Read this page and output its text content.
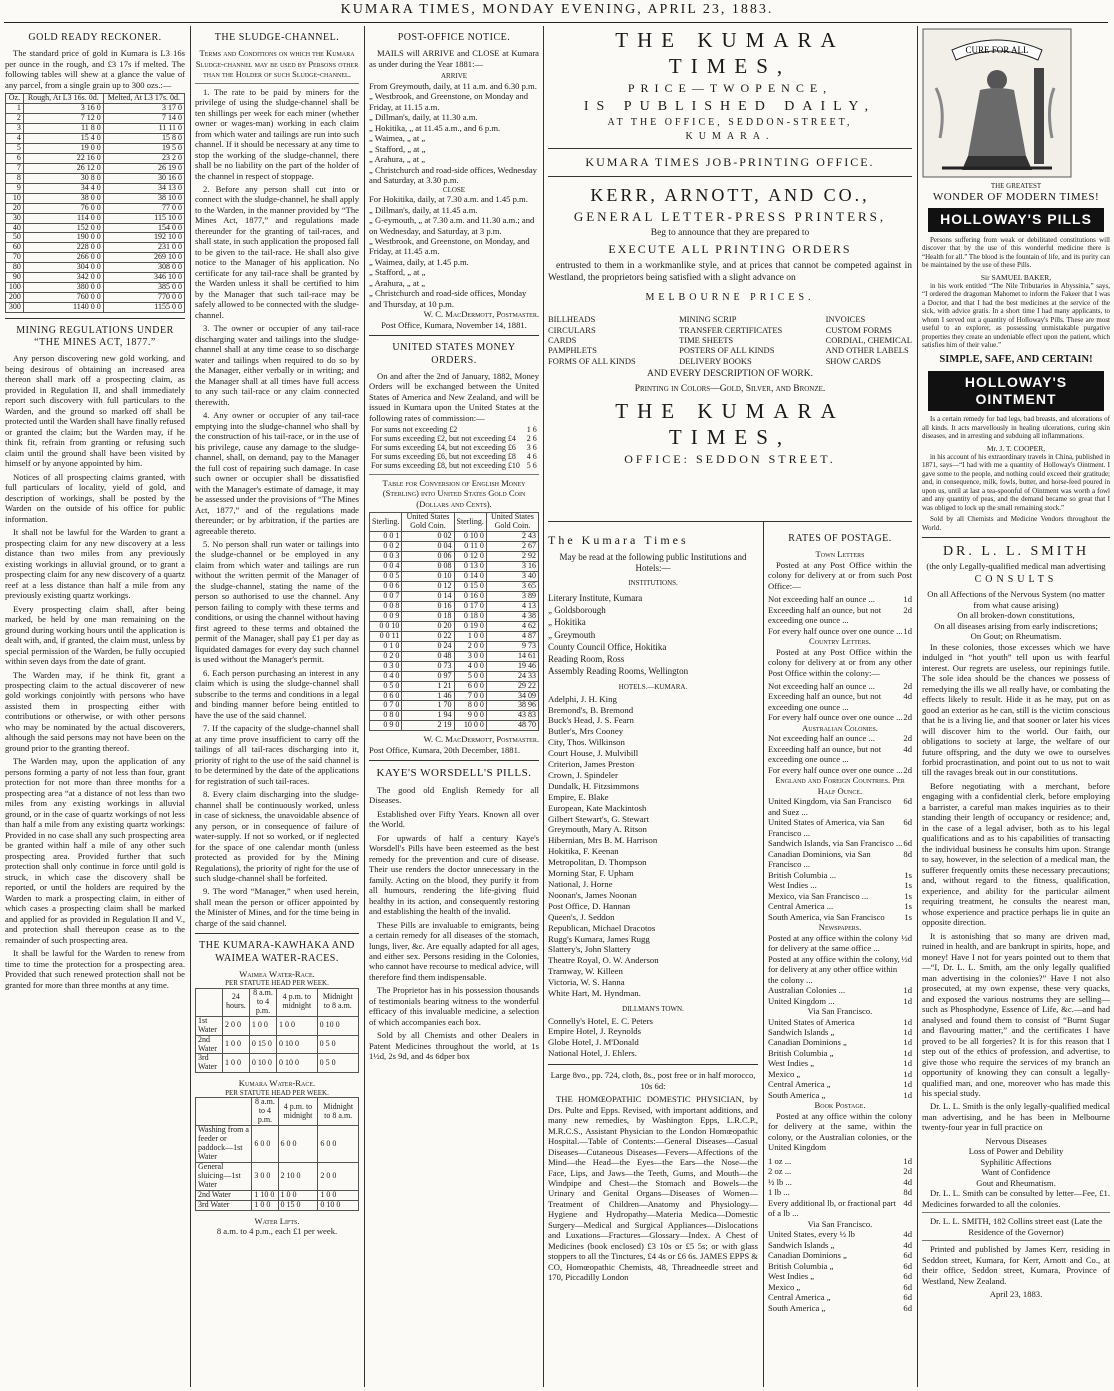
KUMARA TIMES, MONDAY EVENING, APRIL 23, 1883.
GOLD READY RECKONER.
The standard price of gold in Kumara is L3 16s per ounce in the rough, and £3 17s if melted. The following tables will shew at a glance the value of any parcel, from a single grain up to 300 ozs.:—
Oz.	Rough, At L3 16s. 0d.	Melted, At L3 17s. 0d.
1	3 16 0	3 17 0
2	7 12 0	7 14 0
3	11 8 0	11 11 0
4	15 4 0	15 8 0
5	19 0 0	19 5 0
6	22 16 0	23 2 0
7	26 12 0	26 19 0
8	30 8 0	30 16 0
9	34 4 0	34 13 0
10	38 0 0	38 10 0
20	76 0 0	77 0 0
30	114 0 0	115 10 0
40	152 0 0	154 0 0
50	190 0 0	192 10 0
60	228 0 0	231 0 0
70	266 0 0	269 10 0
80	304 0 0	308 0 0
90	342 0 0	346 10 0
100	380 0 0	385 0 0
200	760 0 0	770 0 0
300	1140 0 0	1155 0 0
MINING REGULATIONS UNDER “THE MINES ACT, 1877.”
Any person discovering new gold working, and being desirous of obtaining an increased area thereon shall mark off a prospecting claim, as provided in Regulation II, and shall immediately report such discovery with full particulars to the Warden, and the ground so marked off shall be protected until the Warden shall have finally refused or granted the claim; but the Warden may, if he think fit, refrain from granting or refusing such claim until the ground shall have been visited by himself or by anyone appointed by him.
Notices of all prospecting claims granted, with full particulars of locality, yield of gold, and description of workings, shall be posted by the Warden on the outside of his office for public information.
It shall not be lawful for the Warden to grant a prospecting claim for any new discovery at a less distance than two miles from any previously existing workings in alluvial ground, or to grant a prospecting claim for any new discovery of a quartz reef at a less distance than half a mile from any previously existing quartz workings.
Every prospecting claim shall, after being marked, be held by one man remaining on the ground during working hours until the application is dealt with, and, if granted, the claim must, unless by special permission of the Warden, be fully occupied within seven days from the date of grant.
The Warden may, if he think fit, grant a prospecting claim to the actual discoverer of new gold workings conjointly with persons who have assisted them in prospecting either with contributions or otherwise, or with other persons who may be nominated by the actual discoverers, although the said persons may not have been on the ground prior to the granting thereof.
The Warden may, upon the application of any persons forming a party of not less than four, grant protection for not more than three months for a prospecting area “at a distance of not less than two miles from any existing workings in alluvial ground, or in the case of quartz workings of not less than half a mile from any existing quartz workings: Provided in no case shall any such prospecting area be granted within half a mile of any other such prospecting area. Provided further that such protection shall only continue in force until gold is struck, in which case the discovery shall be reported, or until the holders are required by the Warden to mark a prospecting claim, in either of which cases a prospecting claim shall be marked and applied for as provided in Regulation II and V., and protection shall thereupon cease as to the remainder of such prospecting area.
It shall be lawful for the Warden to renew from time to time the protection for a prospecting area. Provided that such renewed protection shall not be granted for more than three months at any time.
THE SLUDGE-CHANNEL.
Terms and Conditions on which the Kumara Sludge-channel may be used by Persons other than the Holder of such Sludge-channel.
1. The rate to be paid by miners for the privilege of using the sludge-channel shall be ten shillings per week for each miner (whether owner or wages-man) working in each claim from which water and tailings are run into such channel. If it should be necessary at any time to stop the working of the sludge-channel, there shall be no liability on the part of the holder of the channel in respect of stoppage.
2. Before any person shall cut into or connect with the sludge-channel, he shall apply to the Warden, in the manner provided by “The Mines Act, 1877,” and regulations made thereunder for the granting of tail-races, and shall state, in such application the proposed fall to be given to the tail-race. He shall also give notice to the Manager of his application. No certificate for any tail-race shall be granted by the Warden unless it shall be certified to him by the Manager that such tail-race may be safely allowed to be connected with the sludge-channel.
3. The owner or occupier of any tail-race discharging water and tailings into the sludge-channel shall at any time cease to so discharge water and tailings when required to do so by the Manager, either verbally or in writing; and the Manager shall at all times have full access to any such tail-race or any claim connected therewith.
4. Any owner or occupier of any tail-race emptying into the sludge-channel who shall by the construction of his tail-race, or in the use of his privilege, cause any damage to the sludge-channel, shall, on demand, pay to the Manager the full cost of repairing such damage. In case such owner or occupier shall be dissatisfied with the Manager's estimate of damage, it may be assessed under the provisions of “The Mines Act, 1877,” and of the regulations made thereunder; or by arbitration, if the parties are agreeable thereto.
5. No person shall run water or tailings into the sludge-channel or be employed in any claim from which water and tailings are run without the written permit of the Manager of the sludge-channel, stating the name of the person so authorised to use the channel. Any person failing to comply with these terms and conditions, or using the channel without having first agreed to these terms and obtained the permit of the Manager, shall pay £1 per day as liquidated damages for every day such channel is used without the Manager's permit.
6. Each person purchasing an interest in any claim which is using the sludge-channel shall subscribe to the terms and conditions in a legal and binding manner before being entitled to have the use of the said channel.
7. If the capacity of the sludge-channel shall at any time prove insufficient to carry off the tailings of all tail-races discharging into it, priority of right to the use of the said channel is to be determined by the date of the applications for registration of such tail-races.
8. Every claim discharging into the sludge-channel shall be continuously worked, unless in case of sickness, the unavoidable absence of any person, or in consequence of failure of water-supply. If not so worked, or if neglected for the space of one calendar month (unless protected as provided for by the Mining Regulations), the priority of right for the use of such sludge-channel shall be forfeited.
9. The word “Manager,” when used herein, shall mean the person or officer appointed by the Minister of Mines, and for the time being in charge of the said channel.
THE KUMARA-KAWHAKA AND WAIMEA WATER-RACES.
Waimea Water-Race.
PER STATUTE HEAD PER WEEK.
	24 hours.	8 a.m. to 4 p.m.	4 p.m. to midnight	Midnight to 8 a.m.
1st Water	2 0 0	1 0 0	1 0 0	0 10 0
2nd Water	1 0 0	0 15 0	0 10 0	0 5 0
3rd Water	1 0 0	0 10 0	0 10 0	0 5 0
Kumara Water-Race.
PER STATUTE HEAD PER WEEK.
	8 a.m. to 4 p.m.	4 p.m. to midnight	Midnight to 8 a.m.
Washing from a feeder or paddock—1st Water	6 0 0	6 0 0	6 0 0
General sluicing—1st Water	3 0 0	2 10 0	2 0 0
2nd Water	1 10 0	1 0 0	1 0 0
3rd Water	1 0 0	0 15 0	0 10 0
Water Lifts.
8 a.m. to 4 p.m., each £1 per week.
POST-OFFICE NOTICE.
MAILS will ARRIVE and CLOSE at Kumara as under during the Year 1881:—
ARRIVE
From Greymouth, daily, at 11 a.m. and 6.30 p.m.
„ Westbrook, and Greenstone, on Monday and Friday, at 11.15 a.m.
„ Dillman's, daily, at 11.30 a.m.
„ Hokitika, „ at 11.45 a.m., and 6 p.m.
„ Waimea, „ at „
„ Stafford, „ at „
„ Arahura, „ at „
„ Christchurch and road-side offices, Wednesday and Saturday, at 3.30 p.m.
CLOSE
For Hokitika, daily, at 7.30 a.m. and 1.45 p.m.
„ Dillman's, daily, at 11.45 a.m.
„ G-eymouth, „ at 7.30 a.m. and 11.30 a.m.; and on Wednesday, and Saturday, at 3 p.m.
„ Westbrook, and Greenstone, on Monday, and Friday, at 11.45 a.m.
„ Waimea, daily, at 1.45 p.m.
„ Stafford, „ at „
„ Arahura, „ at „
„ Christchurch and road-side offices, Monday and Thursday, at 10 p.m.
W. C. MacDermott, Postmaster.
Post Office, Kumara, November 14, 1881.
UNITED STATES MONEY ORDERS.
On and after the 2nd of January, 1882, Money Orders will be exchanged between the United States of America and New Zealand, and will be issued in Kumara upon the United States at the following rates of commission:—
For sums not exceeding £2	1 6
For sums exceeding £2, but not exceeding £4	2 6
For sums exceeding £4, but not exceeding £6	3 6
For sums exceeding £6, but not exceeding £8	4 6
For sums exceeding £8, but not exceeding £10	5 6
Table for Conversion of English Money (Sterling) into United States Gold Coin (Dollars and Cents).
Sterling.	United States Gold Coin.	Sterling.	United States Gold Coin.
0 0 1	0 02	0 10 0	2 43
0 0 2	0 04	0 11 0	2 67
0 0 3	0 06	0 12 0	2 92
0 0 4	0 08	0 13 0	3 16
0 0 5	0 10	0 14 0	3 40
0 0 6	0 12	0 15 0	3 65
0 0 7	0 14	0 16 0	3 89
0 0 8	0 16	0 17 0	4 13
0 0 9	0 18	0 18 0	4 38
0 0 10	0 20	0 19 0	4 62
0 0 11	0 22	1 0 0	4 87
0 1 0	0 24	2 0 0	9 73
0 2 0	0 48	3 0 0	14 61
0 3 0	0 73	4 0 0	19 46
0 4 0	0 97	5 0 0	24 33
0 5 0	1 21	6 0 0	29 22
0 6 0	1 46	7 0 0	34 09
0 7 0	1 70	8 0 0	38 96
0 8 0	1 94	9 0 0	43 83
0 9 0	2 19	10 0 0	48 70
W. C. MacDermott, Postmaster.
Post Office, Kumara, 20th December, 1881.
KAYE'S WORSDELL'S PILLS.
The good old English Remedy for all Diseases.
Established over Fifty Years. Known all over the World.
For upwards of half a century Kaye's Worsdell's Pills have been esteemed as the best remedy for the prevention and cure of disease. Their use renders the doctor unnecessary in the family. Acting on the blood, they purify it from all humours, rendering the life-giving fluid healthy in its action, and consequently restoring and establishing the health of the invalid.
These Pills are invaluable to emigrants, being a certain remedy for all diseases of the stomach, lungs, liver, &c. Are equally adapted for all ages, and either sex. Persons residing in the Colonies, who cannot have recourse to medical advice, will therefore find them indispensable.
The Proprietor has in his possession thousands of testimonials bearing witness to the wonderful efficacy of this invaluable medicine, a selection of which accompanies each box.
Sold by all Chemists and other Dealers in Patent Medicines throughout the world, at 1s 1½d, 2s 9d, and 4s 6dper box
THE KUMARA TIMES,
PRICE—TWOPENCE,
IS PUBLISHED DAILY,
AT THE OFFICE, SEDDON-STREET,
KUMARA.
KUMARA TIMES JOB-PRINTING OFFICE.
KERR, ARNOTT, AND CO.,
GENERAL LETTER-PRESS PRINTERS,
Beg to announce that they are prepared to
EXECUTE ALL PRINTING ORDERS
entrusted to them in a workmanlike style, and at prices that cannot be competed against in Westland, the proprietors being satisfied with a slight advance on
MELBOURNE PRICES.
BILLHEADS
CIRCULARS
CARDS
PAMPHLETS
FORMS OF ALL KINDS
MINING SCRIP
TRANSFER CERTIFICATES
TIME SHEETS
POSTERS OF ALL KINDS
DELIVERY BOOKS
INVOICES
CUSTOM FORMS
CORDIAL, CHEMICAL
AND OTHER LABELS
SHOW CARDS
AND EVERY DESCRIPTION OF WORK.
Printing in Colors—Gold, Silver, and Bronze.
THE KUMARA TIMES,
OFFICE: SEDDON STREET.
The Kumara Times
May be read at the following public Institutions and Hotels:—
INSTITUTIONS.
Literary Institute, Kumara
„ Goldsborough
„ Hokitika
„ Greymouth
County Council Office, Hokitika
Reading Room, Ross
Assembly Reading Rooms, Wellington
HOTELS.—KUMARA.
Adelphi, J. H. King
Bremond's, B. Bremond
Buck's Head, J. S. Fearn
Butler's, Mrs Cooney
City, Thos. Wilkinson
Court House, J. Mulvibill
Criterion, James Preston
Crown, J. Spindeler
Dundalk, H. Fitzsimmons
Empire, E. Blake
European, Kate Mackintosh
Gilbert Stewart's, G. Stewart
Greymouth, Mary A. Ritson
Hibernian, Mrs B. M. Harrison
Hokitika, F. Keenan
Metropolitan, D. Thompson
Morning Star, F. Upham
National, J. Horne
Noonan's, James Noonan
Post Office, D. Hannan
Queen's, J. Seddon
Republican, Michael Dracotos
Rugg's Kumara, James Rugg
Slattery's, John Slattery
Theatre Royal, O. W. Anderson
Tramway, W. Killeen
Victoria, W. S. Hanna
White Hart, M. Hyndman.
DILLMAN'S TOWN.
Connelly's Hotel, E. C. Peters
Empire Hotel, J. Reynolds
Globe Hotel, J. M'Donald
National Hotel, J. Ehlers.
Large 8vo., pp. 724, cloth, 8s., post free or in half morocco, 10s 6d:
THE HOMŒOPATHIC DOMESTIC PHYSICIAN, by Drs. Pulte and Epps. Revised, with important additions, and many new remedies, by Washington Epps, L.R.C.P., M.R.C.S., Assistant Physician to the London Homœopathic Hospital.—Table of Contents:—General Diseases—Casual Diseases—Cutaneous Diseases—Fevers—Affections of the Mind—the Head—the Eyes—the Ears—the Nose—the Face, Lips, and Jaws—the Teeth, Gums, and Mouth—the Windpipe and Chest—the Stomach and Bowels—the Urinary and Genital Organs—Diseases of Women—Treatment of Children—Anatomy and Physiology—Hygiene and Hydropathy—Materia Medica—Domestic Surgery—Medical and Surgical Appliances—Dislocations and Luxations—Fractures—Glossary—Index. A Chest of Medicines (book enclosed) £3 10s or £5 5s; or with glass stoppers to all the Tinctures, £4 4s or £6 6s. JAMES EPPS & CO, Homœopathic Chemists, 48, Threadneedle street and 170, Piccadilly London
RATES OF POSTAGE.
Town Letters
Posted at any Post Office within the colony for delivery at or from such Post Office:—
Not exceeding half an ounce ...	1d
Exceeding half an ounce, but not exceeding one ounce ...
2d
For every half ounce over one ounce ... 1d
Country Letters.
Posted at any Post Office within the colony for delivery at or from any other Post Office within the colony:—
Not exceeding half an ounce ...	2d
Exceeding half an ounce, but not exceeding one ounce ...
4d
For every half ounce over one ounce ... 2d
Australian Colonies.
Not exceeding half an ounce ...	2d
Exceeding half an ounce, but not exceeding one ounce ...
4d
For every half ounce over one ounce ... 2d
England and Foreign Countries. Per Half Ounce.
United Kingdom, via San Francisco and Suez ...
6d
United States of America, via San Francisco ...
6d
Sandwich Islands, via San Francisco ... 6d
Canadian Dominions, via San Francisco ...
8d
British Columbia ...	1s
West Indies ...	1s
Mexico, via San Francisco ...	1s
Central America ...	1s
South America, via San Francisco 1s
Newspapers.
Posted at any office within the colony for delivery at the same office ...
½d
Posted at any office within the colony, for delivery at any other office within the colony ...
½d
Australian Colonies ...	1d
United Kingdom ...	1d
Via San Francisco.
United States of America	1d
Sandwich Islands „	1d
Canadian Dominions „	1d
British Columbia „	1d
West Indies „	1d
Mexico „	1d
Central America „	1d
South America „	1d
Book Postage.
Posted at any office within the colony for delivery at the same, within the colony, or the Australian colonies, or the United Kingdom
1 oz ...	1d
2 oz ...	2d
½ lb ...	4d
1 lb ...	8d
Every additional lb, or fractional part of a lb ...
4d
Via San Francisco.
United States, every ½ lb	4d
Sandwich Islands „	4d
Canadian Dominions „	6d
British Columbia „	6d
West Indies „	6d
Mexico „	6d
Central America „	6d
South America „	6d
CURE FOR ALL
THE GREATEST
WONDER OF MODERN TIMES!
HOLLOWAY'S PILLS
Persons suffering from weak or debilitated constitutions will discover that by the use of this wonderful medicine there is “Health for all.” The blood is the fountain of life, and its purity can be maintained by the use of these Pills.
Sir SAMUEL BAKER,
in his work entitled “The Nile Tributaries in Abyssinia,” says, “I ordered the dragoman Mahomet to inform the Fakeer that I was a Doctor, and that I had the best medicines at the service of the sick, with advice gratis. In a short time I had many applicants, to whom I served out a quantity of Holloway's Pills. These are most useful to an explorer, as possessing unmistakable purgative properties they create an undeniable effect upon the patient, which satisfies him of their value.”
SIMPLE, SAFE, AND CERTAIN!
HOLLOWAY'S OINTMENT
Is a certain remedy for bad legs, bad breasts, and ulcerations of all kinds. It acts marvellously in healing ulcerations, curing skin diseases, and in arresting and subduing all inflammations.
Mr. J. T. COOPER,
in his account of his extraordinary travels in China, published in 1871, says—“I had with me a quantity of Holloway's Ointment. I gave some to the people, and nothing could exceed their gratitude; and, in consequence, milk, fowls, butter, and horse-feed poured in upon us, until at last a tea-spoonful of Ointment was worth a fowl and any quantity of peas, and the demand became so great that I was obliged to lock up the small remaining stock.”
Sold by all Chemists and Medicine Vendors throughout the World.
DR. L. L. SMITH
(the only Legally-qualified medical man advertising
CONSULTS
On all Affections of the Nervous System (no matter from what cause arising)
On all broken-down constitutions,
On all diseases arising from early indiscretions;
On Gout; on Rheumatism.
In these colonies, those excesses which we have indulged in “hot youth” tell upon us with fearful interest. Our regrets are useless, our repinings futile. The sole idea should be the chances we possess of remedying the ills we all really have, or combating the effects likely to result. Hide it as he may, put on as good an exterior as he can, still is the victim conscious that he is a living lie, and that sooner or later his vices will discover him to the world. Our faith, our obligations to society at large, the welfare of our future offspring, and the duty we owe to ourselves forbid procrastination, and point out to us not to wait till the ravages break out in our constitutions.
Before negotiating with a merchant, before engaging with a confidential clerk, before employing a barrister, a careful man makes inquiries as to their standing their length of occupancy or residence; and, in the case of a legal adviser, both as to his legal qualifications and as to his capabilities of transacting the individual business he consults him upon. Strange to say, however, in the selection of a medical man, the sufferer frequently omits these necessary precautions; and, without regard to the fitness, qualification, experience, and ability for the particular ailment requiring treatment, he consults the nearest man, whose experience and practice perhaps lie in quite an opposite direction.
It is astonishing that so many are driven mad, ruined in health, and are bankrupt in spirits, hope, and money! Have I not for years pointed out to them that—“I, Dr. L. L. Smith, am the only legally qualified man advertising in the colonies?” Have I not also prosecuted, at my own expense, these very quacks, and exposed the various nostrums they are selling—such as Phosphodyne, Essence of Life, &c.—and had analysed and found them to consist of “Burnt Sugar and flavouring matter,” and the certificates I have proved to be all forgeries? It is for this reason that I step out of the ethics of profession, and advertise, to give those who require the services of my branch an opportunity of knowing they can consult a legally-qualified man, and one, moreover who has made this his special study.
Dr. L. L. Smith is the only legally-qualified medical man advertising, and he has been in Melbourne twenty-four year in full practice on
Nervous Diseases
Loss of Power and Debility
Syphilitic Affections
Want of Confidence
Gout and Rheumatism.
Dr. L. L. Smith can be consulted by letter—Fee, £1. Medicines forwarded to all the colonies.
Dr. L. L. SMITH, 182 Collins street east (Late the Residence of the Governor)
Printed and published by James Kerr, residing in Seddon street, Kumara, for Kerr, Arnott and Co., at their office, Seddon street, Kumara, Province of Westland, New Zealand.
April 23, 1883.
